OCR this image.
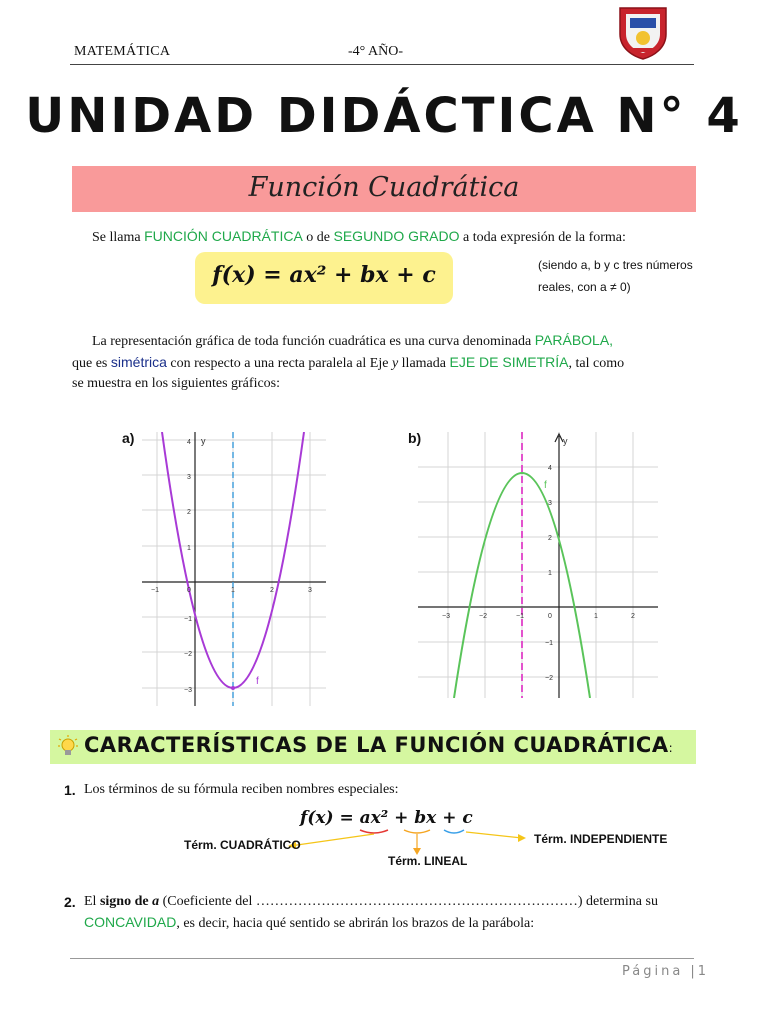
MATEMÁTICA	-4° AÑO-
UNIDAD DIDÁCTICA N° 4
Función Cuadrática
Se llama FUNCIÓN CUADRÁTICA o de SEGUNDO GRADO a toda expresión de la forma:
f(x) = ax² + bx + c	(siendo a, b y c tres números
reales, con a ≠ 0)
La representación gráfica de toda función cuadrática es una curva denominada PARÁBOLA,
que es simétrica con respecto a una recta paralela al Eje y llamada EJE DE SIMETRÍA, tal como
se muestra en los siguientes gráficos:
a)	b)
−1	0	1	2	3
4
3
2
1
−1
−2
−3
y
f
−3	−2	−1	0	1	2
4
3
2
1
−1
−2
y
f
CARACTERÍSTICAS DE LA FUNCIÓN CUADRÁTICA:
1. Los términos de su fórmula reciben nombres especiales:
f(x) = ax² + bx + c
Térm. CUADRÁTICO
Térm. LINEAL
Térm. INDEPENDIENTE
2. El signo de a (Coeficiente del ……………………………………………………………) determina su
CONCAVIDAD, es decir, hacia qué sentido se abrirán los brazos de la parábola:
Página |1
